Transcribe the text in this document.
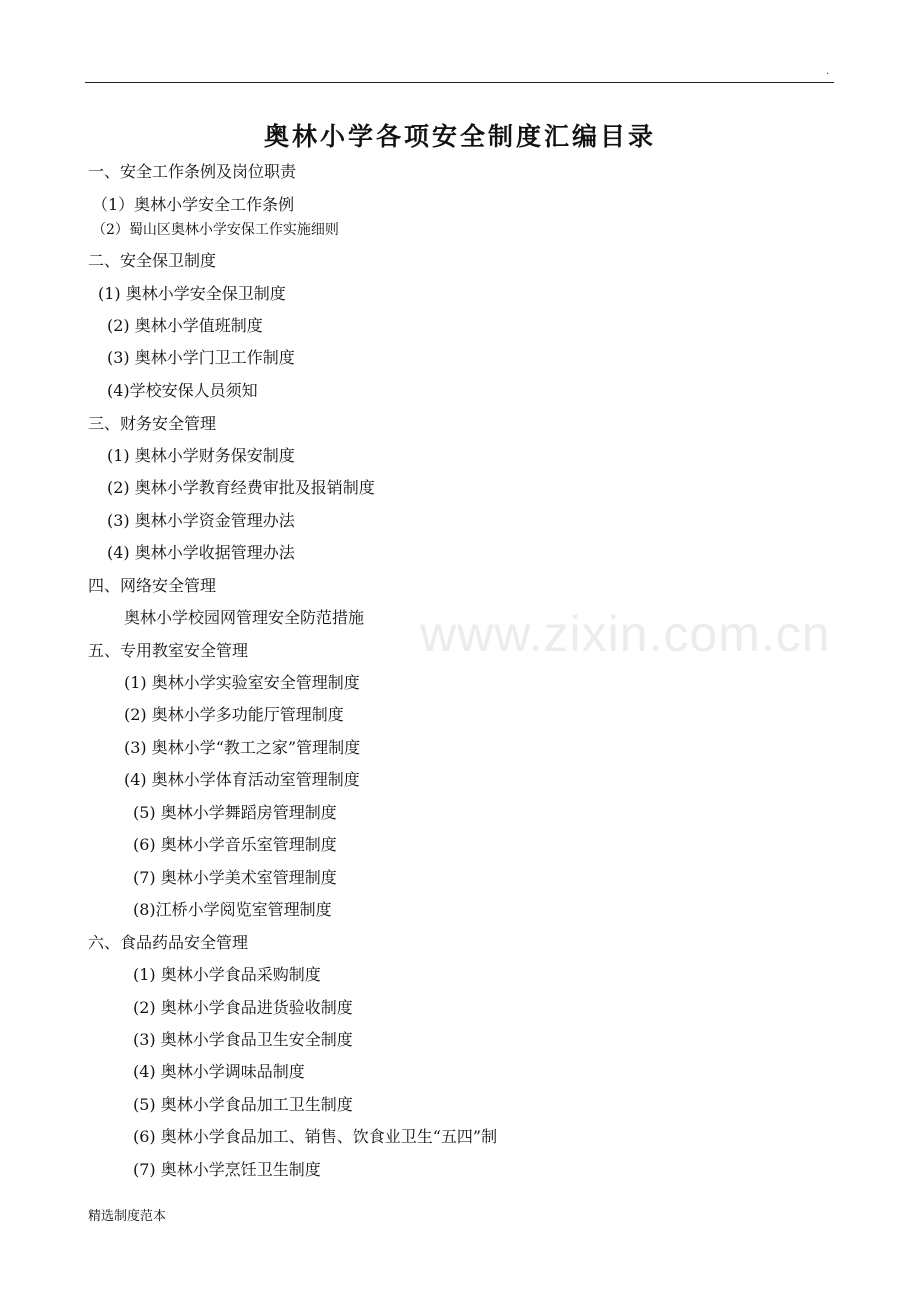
.
奥林小学各项安全制度汇编目录
www.zixin.com.cn
一、安全工作条例及岗位职责
（1）奥林小学安全工作条例
（2）蜀山区奥林小学安保工作实施细则
二、安全保卫制度
(1) 奥林小学安全保卫制度
(2) 奥林小学值班制度
(3) 奥林小学门卫工作制度
(4)学校安保人员须知
三、财务安全管理
(1) 奥林小学财务保安制度
(2) 奥林小学教育经费审批及报销制度
(3) 奥林小学资金管理办法
(4) 奥林小学收据管理办法
四、网络安全管理
奥林小学校园网管理安全防范措施
五、专用教室安全管理
(1) 奥林小学实验室安全管理制度
(2) 奥林小学多功能厅管理制度
(3) 奥林小学“教工之家”管理制度
(4) 奥林小学体育活动室管理制度
(5) 奥林小学舞蹈房管理制度
(6) 奥林小学音乐室管理制度
(7) 奥林小学美术室管理制度
(8)江桥小学阅览室管理制度
六、食品药品安全管理
(1) 奥林小学食品采购制度
(2) 奥林小学食品进货验收制度
(3) 奥林小学食品卫生安全制度
(4) 奥林小学调味品制度
(5) 奥林小学食品加工卫生制度
(6) 奥林小学食品加工、销售、饮食业卫生“五四”制
(7) 奥林小学烹饪卫生制度
精选制度范本
